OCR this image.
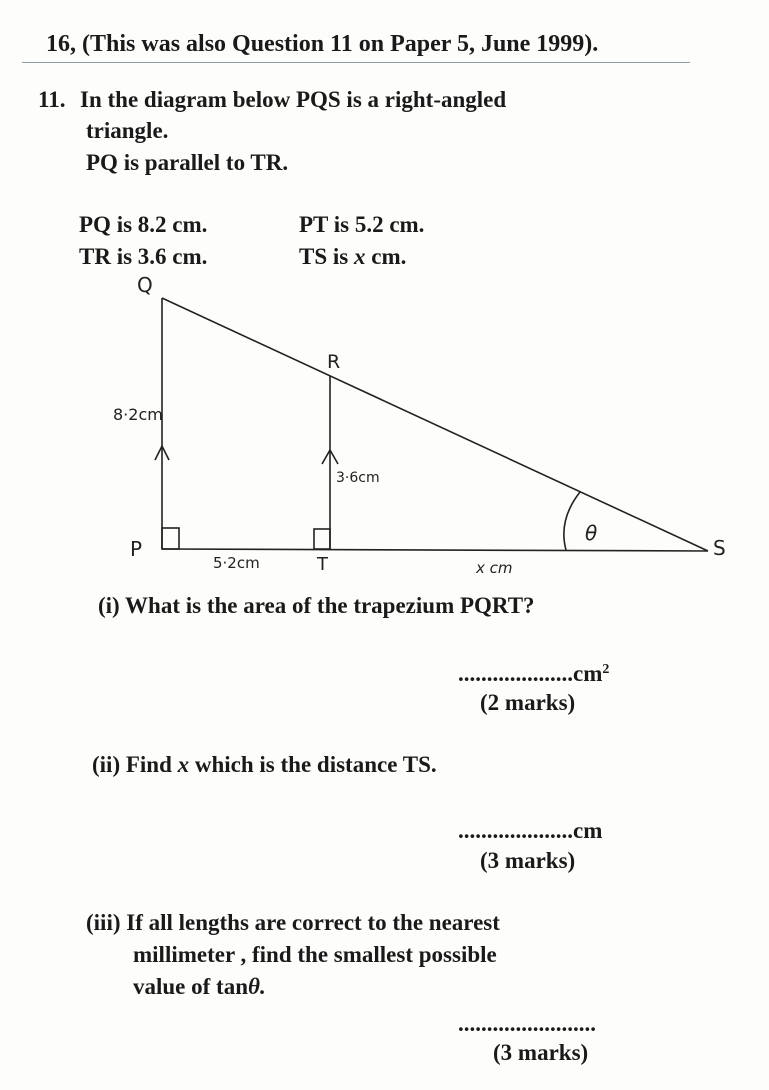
16, (This was also Question 11 on Paper 5, June 1999).
11. In the diagram below PQS is a right-angled
triangle.
PQ is parallel to TR.
PQ is 8.2 cm.
TR is 3.6 cm.
PT is 5.2 cm.
TS is x cm.
Q
R
P
T
S
θ
8·2cm
3·6cm
5·2cm	x cm
(i) What is the area of the trapezium PQRT?
$....................cm^2$
(2 marks)
(ii) Find x which is the distance TS.
....................cm
(3 marks)
(iii) If all lengths are correct to the nearest
millimeter , find the smallest possible
value of tanθ.
........................
(3 marks)
